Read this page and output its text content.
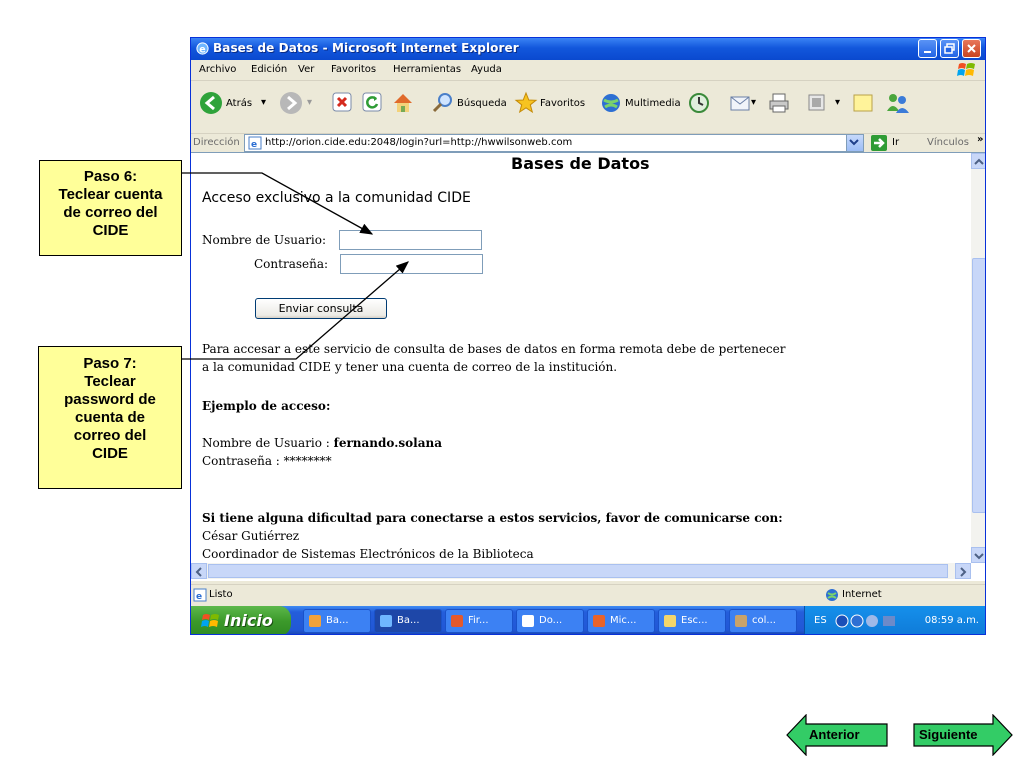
e Bases de Datos - Microsoft Internet Explorer
Archivo Edición Ver Favoritos Herramientas Ayuda
Atrás ▾	▾	Búsqueda	Favoritos	Multimedia	▾	▾
Dirección e http://orion.cide.edu:2048/login?url=http://hwwilsonweb.com	Ir	Vínculos »
Bases de Datos
Acceso exclusivo a la comunidad CIDE
Nombre de Usuario:
Contraseña:
Enviar consulta
Para accesar a este servicio de consulta de bases de datos en forma remota debe de pertenecer
a la comunidad CIDE y tener una cuenta de correo de la institución.
Ejemplo de acceso:
Nombre de Usuario : fernando.solana
Contraseña : ********
Si tiene alguna dificultad para conectarse a estos servicios, favor de comunicarse con:
César Gutiérrez
Coordinador de Sistemas Electrónicos de la Biblioteca
e Listo	Internet
Inicio	Ba...	Ba...	Fir...	Do...	Mic...	Esc...	col...	ES	08:59 a.m.
Paso 6:
Teclear cuenta
de correo del
CIDE
Paso 7:
Teclear
password de
cuenta de
correo del
CIDE
Anterior	Siguiente
